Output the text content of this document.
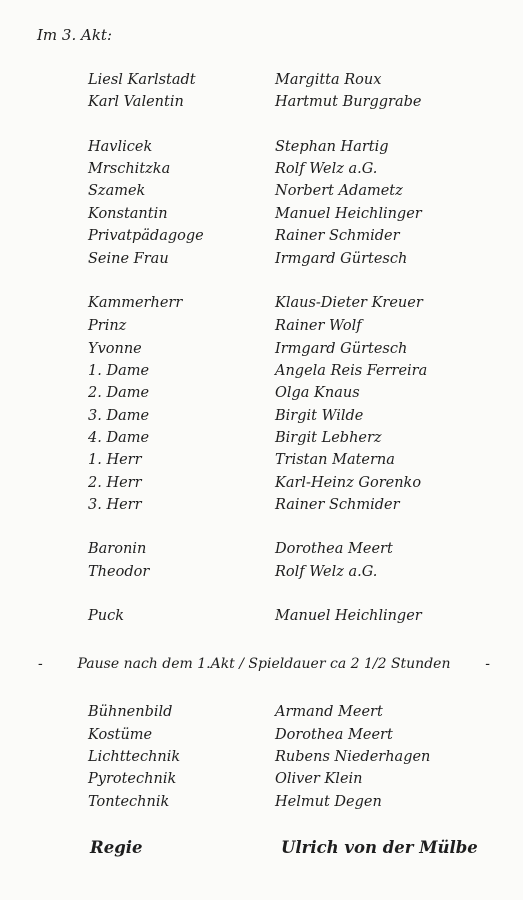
Im 3. Akt:
Liesl Karlstadt	Margitta Roux
Karl Valentin	Hartmut Burggrabe
Havlicek	Stephan Hartig
Mrschitzka	Rolf Welz a.G.
Szamek	Norbert Adametz
Konstantin	Manuel Heichlinger
Privatpädagoge	Rainer Schmider
Seine Frau	Irmgard Gürtesch
Kammerherr	Klaus-Dieter Kreuer
Prinz	Rainer Wolf
Yvonne	Irmgard Gürtesch
1. Dame	Angela Reis Ferreira
2. Dame	Olga Knaus
3. Dame	Birgit Wilde
4. Dame	Birgit Lebherz
1. Herr	Tristan Materna
2. Herr	Karl-Heinz Gorenko
3. Herr	Rainer Schmider
Baronin	Dorothea Meert
Theodor	Rolf Welz a.G.
Puck	Manuel Heichlinger
- Pause nach dem 1.Akt / Spieldauer ca 2 1/2 Stunden -
Bühnenbild	Armand Meert
Kostüme	Dorothea Meert
Lichttechnik	Rubens Niederhagen
Pyrotechnik	Oliver Klein
Tontechnik	Helmut Degen
Regie	Ulrich von der Mülbe
